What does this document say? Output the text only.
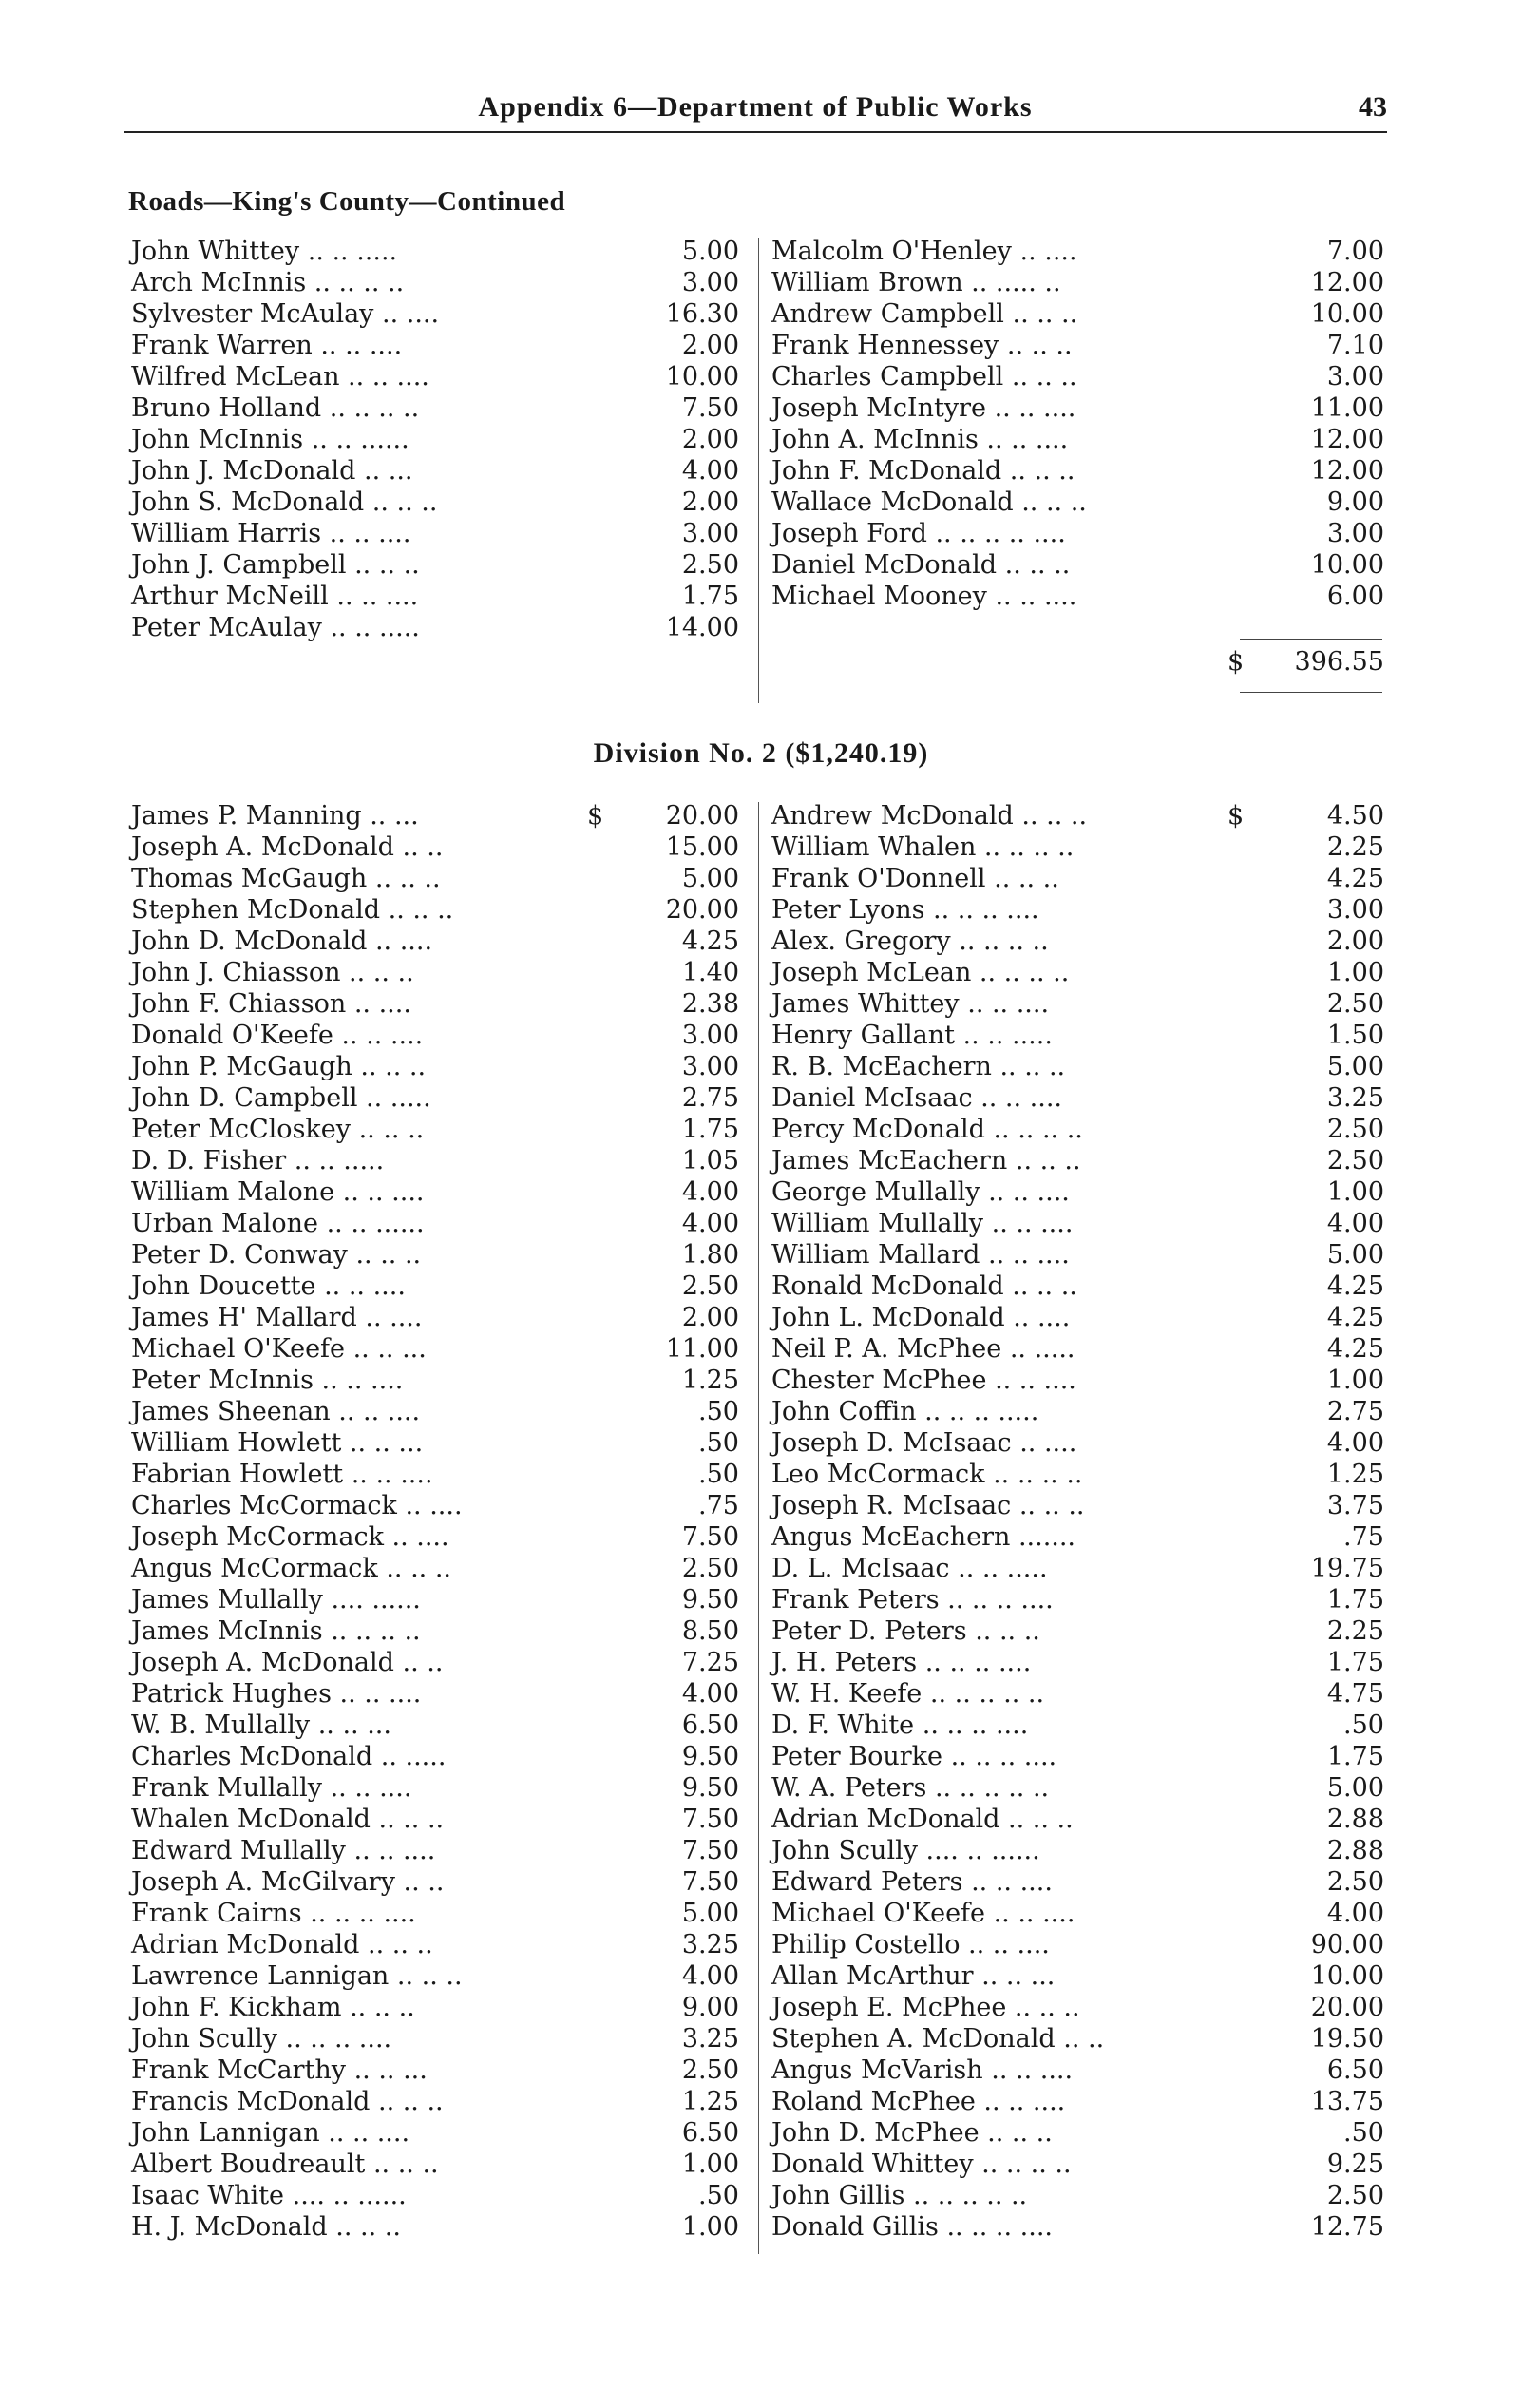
Appendix 6—Department of Public Works	43
Roads—King's County—Continued
John Whittey .. .. .....	5.00
Arch McInnis .. .. .. ..	3.00
Sylvester McAulay .. ....	16.30
Frank Warren .. .. ....	2.00
Wilfred McLean .. .. ....	10.00
Bruno Holland .. .. .. ..	7.50
John McInnis .. .. ......	2.00
John J. McDonald .. ...	4.00
John S. McDonald .. .. ..	2.00
William Harris .. .. ....	3.00
John J. Campbell .. .. ..	2.50
Arthur McNeill .. .. ....	1.75
Peter McAulay .. .. .....	14.00
Malcolm O'Henley .. ....	7.00
William Brown .. ..... ..	12.00
Andrew Campbell .. .. ..	10.00
Frank Hennessey .. .. ..	7.10
Charles Campbell .. .. ..	3.00
Joseph McIntyre .. .. ....	11.00
John A. McInnis .. .. ....	12.00
John F. McDonald .. .. ..	12.00
Wallace McDonald .. .. ..	9.00
Joseph Ford .. .. .. .. ....	3.00
Daniel McDonald .. .. ..	10.00
Michael Mooney .. .. ....	6.00
$ 396.55
Division No. 2 ($1,240.19)
James P. Manning .. ...	$ 20.00
Joseph A. McDonald .. ..	15.00
Thomas McGaugh .. .. ..	5.00
Stephen McDonald .. .. ..	20.00
John D. McDonald .. ....	4.25
John J. Chiasson .. .. ..	1.40
John F. Chiasson .. ....	2.38
Donald O'Keefe .. .. ....	3.00
John P. McGaugh .. .. ..	3.00
John D. Campbell .. .....	2.75
Peter McCloskey .. .. ..	1.75
D. D. Fisher .. .. .....	1.05
William Malone .. .. ....	4.00
Urban Malone .. .. ......	4.00
Peter D. Conway .. .. ..	1.80
John Doucette .. .. ....	2.50
James H' Mallard .. ....	2.00
Michael O'Keefe .. .. ...	11.00
Peter McInnis .. .. ....	1.25
James Sheenan .. .. ....	.50
William Howlett .. .. ...	.50
Fabrian Howlett .. .. ....	.50
Charles McCormack .. ....	.75
Joseph McCormack .. ....	7.50
Angus McCormack .. .. ..	2.50
James Mullally .... ......	9.50
James McInnis .. .. .. ..	8.50
Joseph A. McDonald .. ..	7.25
Patrick Hughes .. .. ....	4.00
W. B. Mullally .. .. ...	6.50
Charles McDonald .. .....	9.50
Frank Mullally .. .. ....	9.50
Whalen McDonald .. .. ..	7.50
Edward Mullally .. .. ....	7.50
Joseph A. McGilvary .. ..	7.50
Frank Cairns .. .. .. ....	5.00
Adrian McDonald .. .. ..	3.25
Lawrence Lannigan .. .. ..	4.00
John F. Kickham .. .. ..	9.00
John Scully .. .. .. ....	3.25
Frank McCarthy .. .. ...	2.50
Francis McDonald .. .. ..	1.25
John Lannigan .. .. ....	6.50
Albert Boudreault .. .. ..	1.00
Isaac White .... .. ......	.50
H. J. McDonald .. .. ..	1.00
Andrew McDonald .. .. ..	$	4.50
William Whalen .. .. .. ..	2.25
Frank O'Donnell .. .. ..	4.25
Peter Lyons .. .. .. ....	3.00
Alex. Gregory .. .. .. ..	2.00
Joseph McLean .. .. .. ..	1.00
James Whittey .. .. ....	2.50
Henry Gallant .. .. .....	1.50
R. B. McEachern .. .. ..	5.00
Daniel McIsaac .. .. ....	3.25
Percy McDonald .. .. .. ..	2.50
James McEachern .. .. ..	2.50
George Mullally .. .. ....	1.00
William Mullally .. .. ....	4.00
William Mallard .. .. ....	5.00
Ronald McDonald .. .. ..	4.25
John L. McDonald .. ....	4.25
Neil P. A. McPhee .. .....	4.25
Chester McPhee .. .. ....	1.00
John Coffin .. .. .. .....	2.75
Joseph D. McIsaac .. ....	4.00
Leo McCormack .. .. .. ..	1.25
Joseph R. McIsaac .. .. ..	3.75
Angus McEachern .......	.75
D. L. McIsaac .. .. .....	19.75
Frank Peters .. .. .. ....	1.75
Peter D. Peters .. .. ..	2.25
J. H. Peters .. .. .. ....	1.75
W. H. Keefe .. .. .. .. ..	4.75
D. F. White .. .. .. ....	.50
Peter Bourke .. .. .. ....	1.75
W. A. Peters .. .. .. .. ..	5.00
Adrian McDonald .. .. ..	2.88
John Scully .... .. ......	2.88
Edward Peters .. .. ....	2.50
Michael O'Keefe .. .. ....	4.00
Philip Costello .. .. ....	90.00
Allan McArthur .. .. ...	10.00
Joseph E. McPhee .. .. ..	20.00
Stephen A. McDonald .. ..	19.50
Angus McVarish .. .. ....	6.50
Roland McPhee .. .. ....	13.75
John D. McPhee .. .. ..	.50
Donald Whittey .. .. .. ..	9.25
John Gillis .. .. .. .. ..	2.50
Donald Gillis .. .. .. ....	12.75
